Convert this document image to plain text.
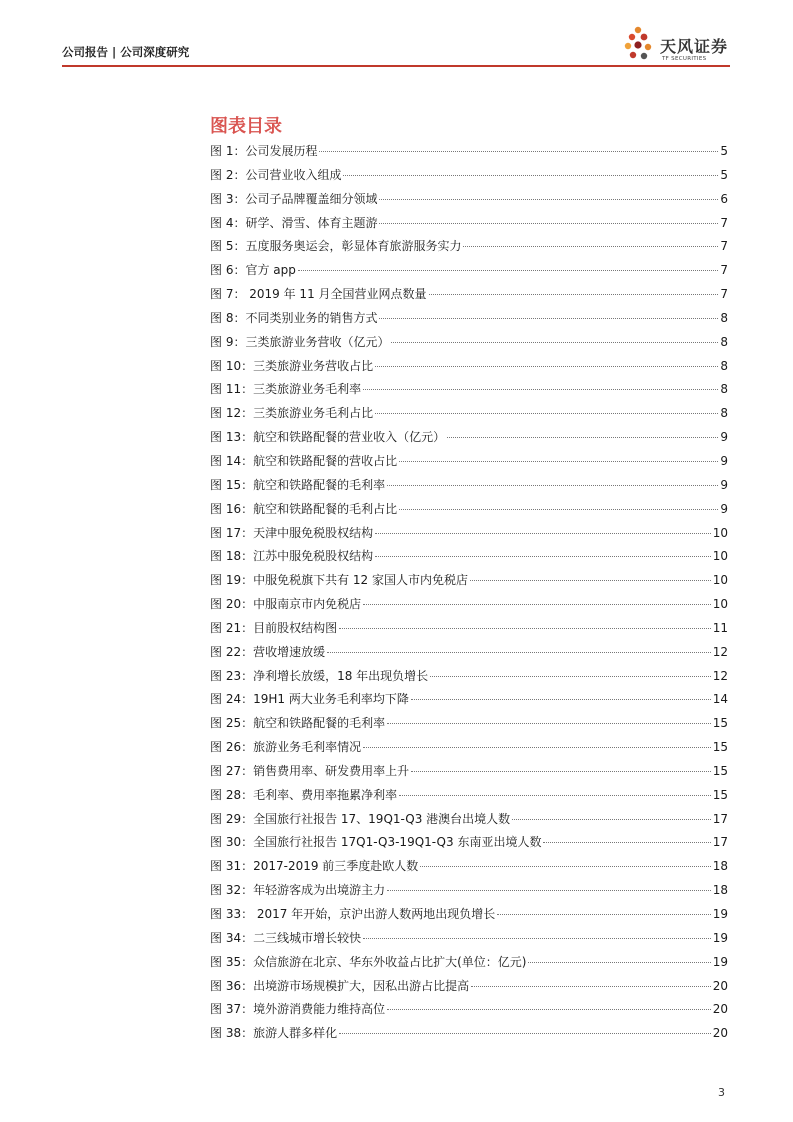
公司报告 | 公司深度研究	天风证券
TF SECURITIES
图表目录
图 1：公司发展历程	5
图 2：公司营业收入组成	5
图 3：公司子品牌覆盖细分领域	6
图 4：研学、滑雪、体育主题游	7
图 5：五度服务奥运会，彰显体育旅游服务实力	7
图 6：官方 app	7
图 7： 2019 年 11 月全国营业网点数量	7
图 8：不同类别业务的销售方式	8
图 9：三类旅游业务营收（亿元）	8
图 10：三类旅游业务营收占比	8
图 11：三类旅游业务毛利率	8
图 12：三类旅游业务毛利占比	8
图 13：航空和铁路配餐的营业收入（亿元）	9
图 14：航空和铁路配餐的营收占比	9
图 15：航空和铁路配餐的毛利率	9
图 16：航空和铁路配餐的毛利占比	9
图 17：天津中服免税股权结构	10
图 18：江苏中服免税股权结构	10
图 19：中服免税旗下共有 12 家国人市内免税店	10
图 20：中服南京市内免税店	10
图 21：目前股权结构图	11
图 22：营收增速放缓	12
图 23：净利增长放缓，18 年出现负增长	12
图 24：19H1 两大业务毛利率均下降	14
图 25：航空和铁路配餐的毛利率	15
图 26：旅游业务毛利率情况	15
图 27：销售费用率、研发费用率上升	15
图 28：毛利率、费用率拖累净利率	15
图 29：全国旅行社报告 17、19Q1-Q3 港澳台出境人数	17
图 30：全国旅行社报告 17Q1-Q3-19Q1-Q3 东南亚出境人数	17
图 31：2017-2019 前三季度赴欧人数	18
图 32：年轻游客成为出境游主力	18
图 33： 2017 年开始，京沪出游人数两地出现负增长	19
图 34：二三线城市增长较快	19
图 35：众信旅游在北京、华东外收益占比扩大(单位：亿元)	19
图 36：出境游市场规模扩大，因私出游占比提高	20
图 37：境外游消费能力维持高位	20
图 38：旅游人群多样化	20
3
